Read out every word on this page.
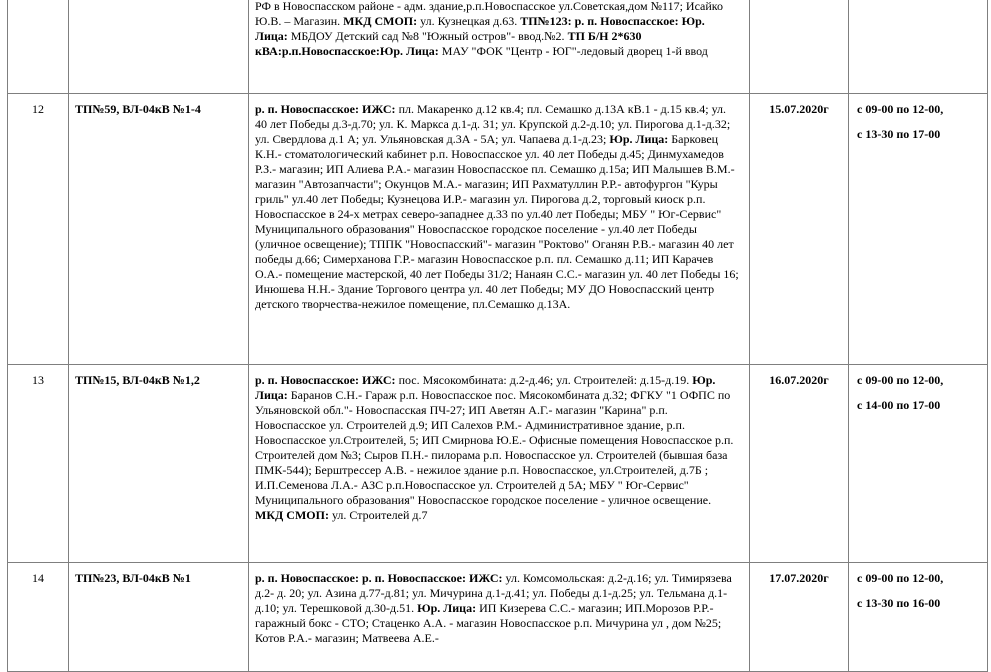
		РФ в Новоспасском районе - адм. здание,р.п.Новоспасское ул.Советская,дом №117; Исайко Ю.В. – Магазин. МКД СМОП: ул. Кузнецкая д.63. ТП№123: р. п. Новоспасское: Юр. Лица: МБДОУ Детский сад №8 "Южный остров"- ввод.№2. ТП Б/Н 2*630 кВА:р.п.Новоспасское:Юр. Лица: МАУ "ФОК "Центр - ЮГ"-ледовый дворец 1-й ввод		

12	ТП№59, ВЛ-04кВ №1-4	р. п. Новоспасское: ИЖС: пл. Макаренко д.12 кв.4; пл. Семашко д.13А кВ.1 - д.15 кв.4; ул. 40 лет Победы д.3-д.70; ул. К. Маркса д.1-д. 31; ул. Крупской д.2-д.10; ул. Пирогова д.1-д.32; ул. Свердлова д.1 А; ул. Ульяновская д.3А - 5А; ул. Чапаева д.1-д.23; Юр. Лица: Барковец К.Н.- стоматологический кабинет р.п. Новоспасское ул. 40 лет Победы д.45; Динмухамедов Р.З.- магазин; ИП Алиева Р.А.- магазин Новоспасское пл. Семашко д.15а; ИП Малышев В.М.- магазин "Автозапчасти"; Окунцов М.А.- магазин; ИП Рахматуллин Р.Р.- автофургон "Куры гриль" ул.40 лет Победы; Кузнецова И.Р.- магазин ул. Пирогова д.2, торговый киоск р.п. Новоспасское в 24-х метрах северо-западнее д.33 по ул.40 лет Победы; МБУ " Юг-Сервис" Муниципального образования" Новоспасское городское поселение - ул.40 лет Победы (уличное освещение); ТППК "Новоспасский"- магазин "Роктово" Оганян Р.В.- магазин 40 лет победы д.66; Симерханова Г.Р.- магазин Новоспасское р.п. пл. Семашко д.11; ИП Карачев О.А.- помещение мастерской, 40 лет Победы 31/2; Нанаян С.С.- магазин ул. 40 лет Победы 16; Инюшева Н.Н.- Здание Торгового центра ул. 40 лет Победы; МУ ДО Новоспасский центр детского творчества-нежилое помещение, пл.Семашко д.13А.	15.07.2020г	с 09-00 по 12-00,
с 13-30 по 17-00

13	ТП№15, ВЛ-04кВ №1,2	р. п. Новоспасское: ИЖС: пос. Мясокомбината: д.2-д.46; ул. Строителей: д.15-д.19. Юр. Лица: Баранов С.Н.- Гараж р.п. Новоспасское пос. Мясокомбината д.32; ФГКУ "1 ОФПС по Ульяновской обл."- Новоспасская ПЧ-27; ИП Аветян А.Г.- магазин "Карина" р.п. Новоспасское ул. Строителей д.9; ИП Салехов Р.М.- Административное здание, р.п. Новоспасское ул.Строителей, 5; ИП Смирнова Ю.Е.- Офисные помещения Новоспасское р.п. Строителей дом №3; Сыров П.Н.- пилорама р.п. Новоспасское ул. Строителей (бывшая база ПМК-544); Берштрессер А.В. - нежилое здание р.п. Новоспасское, ул.Строителей, д.7Б ; И.П.Семенова Л.А.- АЗС р.п.Новоспасское ул. Строителей д 5А; МБУ " Юг-Сервис" Муниципального образования" Новоспасское городское поселение - уличное освещение. МКД СМОП: ул. Строителей д.7	16.07.2020г	с 09-00 по 12-00,
с 14-00 по 17-00

14	ТП№23, ВЛ-04кВ №1	р. п. Новоспасское: р. п. Новоспасское: ИЖС: ул. Комсомольская: д.2-д.16; ул. Тимирязева д.2- д. 20; ул. Азина д.77-д.81; ул. Мичурина д.1-д.41; ул. Победы д.1-д.25; ул. Тельмана д.1-д.10; ул. Терешковой д.30-д.51. Юр. Лица: ИП Кизерева С.С.- магазин; ИП.Морозов Р.Р.- гаражный бокс - СТО; Стаценко А.А. - магазин Новоспасское р.п. Мичурина ул , дом №25; Котов Р.А.- магазин; Матвеева А.Е.-	17.07.2020г	с 09-00 по 12-00,
с 13-30 по 16-00
